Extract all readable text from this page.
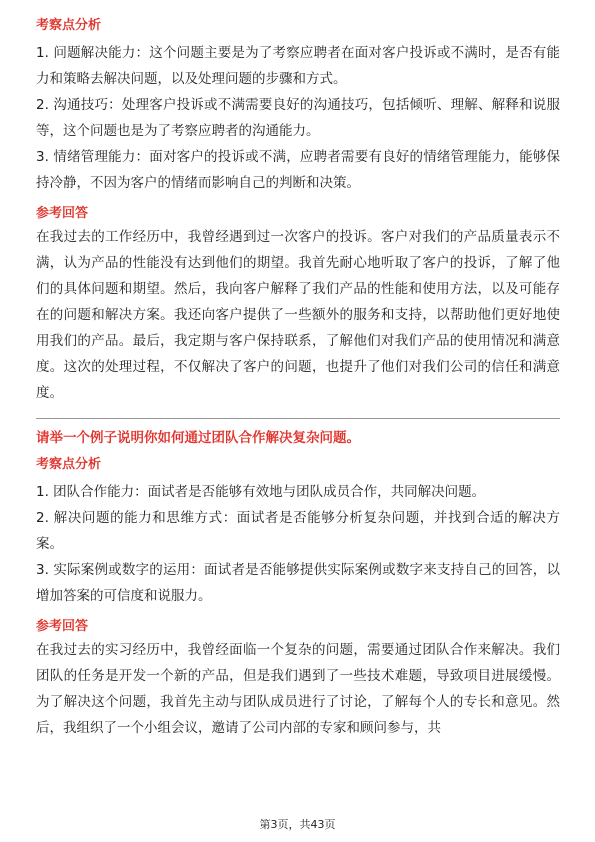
考察点分析

1. 问题解决能力：这个问题主要是为了考察应聘者在面对客户投诉或不满时，是否有能力和策略去解决问题，以及处理问题的步骤和方式。

2. 沟通技巧：处理客户投诉或不满需要良好的沟通技巧，包括倾听、理解、解释和说服等，这个问题也是为了考察应聘者的沟通能力。

3. 情绪管理能力：面对客户的投诉或不满，应聘者需要有良好的情绪管理能力，能够保持冷静，不因为客户的情绪而影响自己的判断和决策。

参考回答

在我过去的工作经历中，我曾经遇到过一次客户的投诉。客户对我们的产品质量表示不满，认为产品的性能没有达到他们的期望。我首先耐心地听取了客户的投诉，了解了他们的具体问题和期望。然后，我向客户解释了我们产品的性能和使用方法，以及可能存在的问题和解决方案。我还向客户提供了一些额外的服务和支持，以帮助他们更好地使用我们的产品。最后，我定期与客户保持联系，了解他们对我们产品的使用情况和满意度。这次的处理过程，不仅解决了客户的问题，也提升了他们对我们公司的信任和满意度。

请举一个例子说明你如何通过团队合作解决复杂问题。

考察点分析

1. 团队合作能力：面试者是否能够有效地与团队成员合作，共同解决问题。

2. 解决问题的能力和思维方式：面试者是否能够分析复杂问题，并找到合适的解决方案。

3. 实际案例或数字的运用：面试者是否能够提供实际案例或数字来支持自己的回答，以增加答案的可信度和说服力。

参考回答

在我过去的实习经历中，我曾经面临一个复杂的问题，需要通过团队合作来解决。我们团队的任务是开发一个新的产品，但是我们遇到了一些技术难题，导致项目进展缓慢。为了解决这个问题，我首先主动与团队成员进行了讨论，了解每个人的专长和意见。然后，我组织了一个小组会议，邀请了公司内部的专家和顾问参与，共

第3页，共43页
